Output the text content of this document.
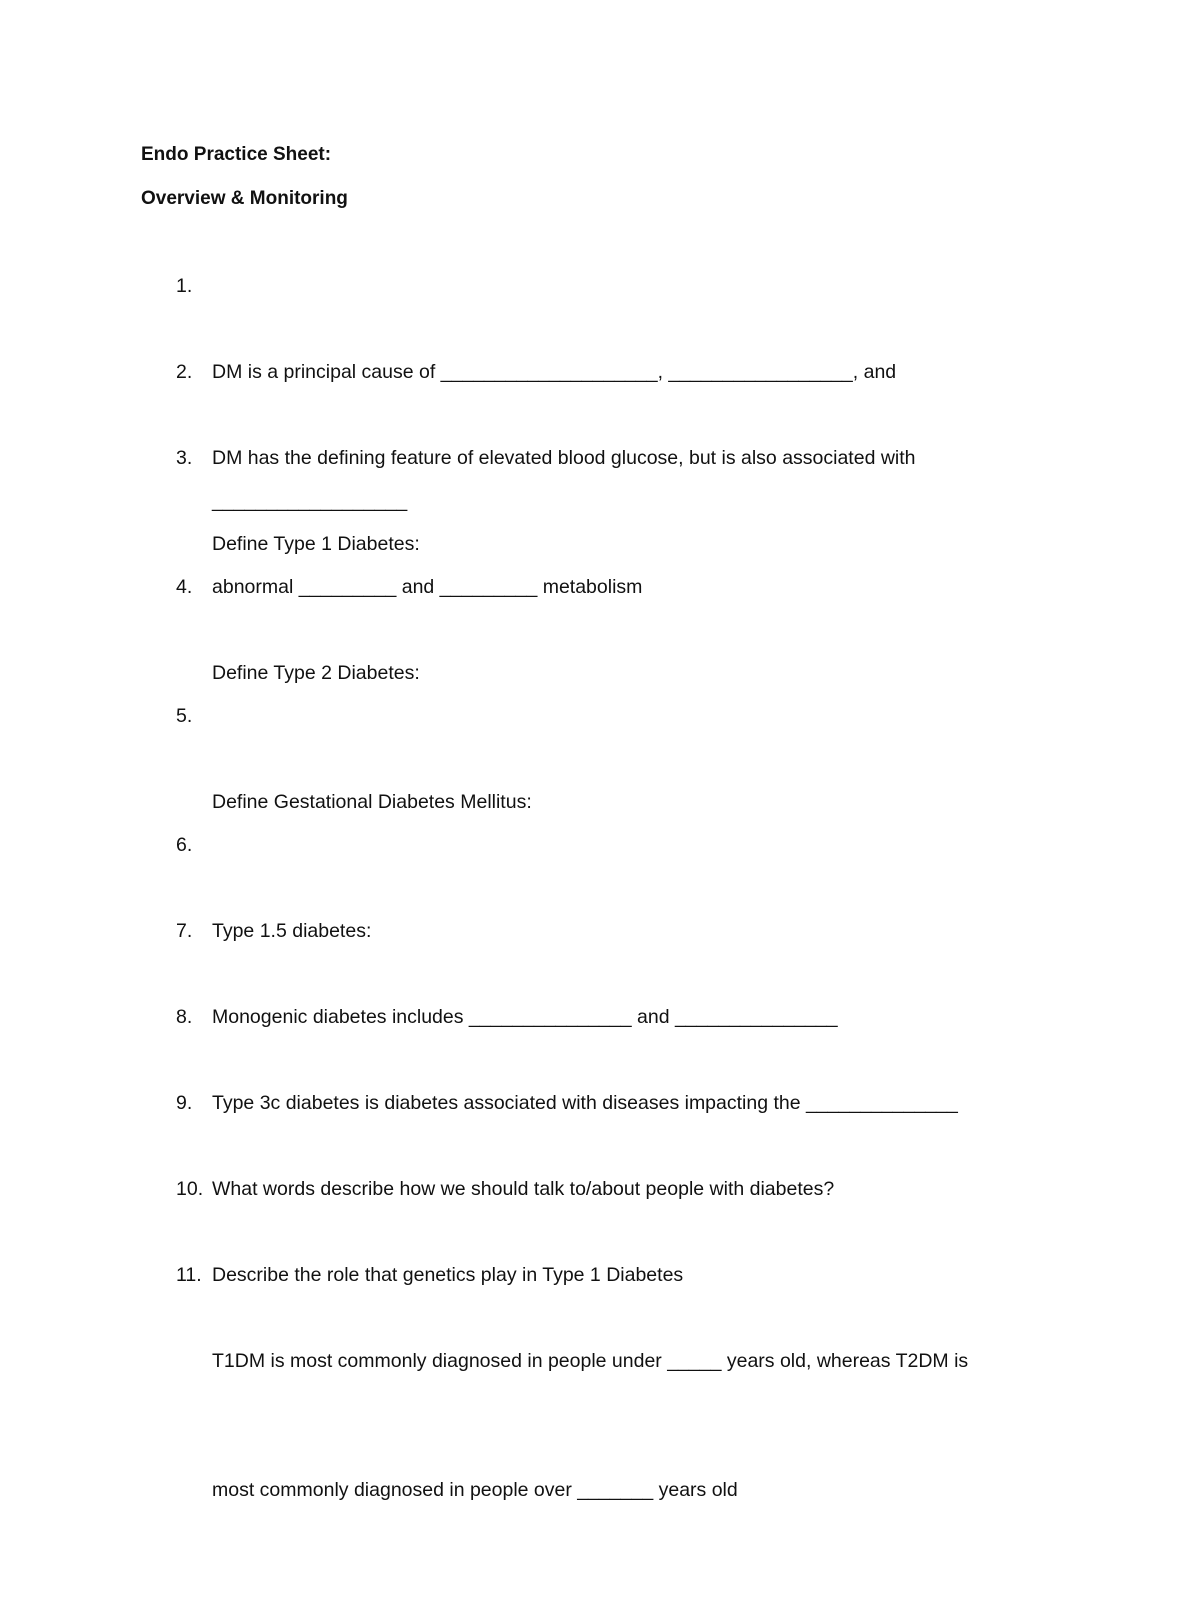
Endo Practice Sheet:
Overview & Monitoring
1.

DM is a principal cause of ____________________, _________________, and

__________________

2.

DM has the defining feature of elevated blood glucose, but is also associated with

abnormal _________ and _________ metabolism

3.

Define Type 1 Diabetes:

4.

Define Type 2 Diabetes:

5.

Define Gestational Diabetes Mellitus:

6.

Type 1.5 diabetes:

7.

Monogenic diabetes includes _______________ and _______________

8.

Type 3c diabetes is diabetes associated with diseases impacting the ______________

9.

What words describe how we should talk to/about people with diabetes?

10.

Describe the role that genetics play in Type 1 Diabetes

11.

T1DM is most commonly diagnosed in people under _____ years old, whereas T2DM is

most commonly diagnosed in people over _______ years old
